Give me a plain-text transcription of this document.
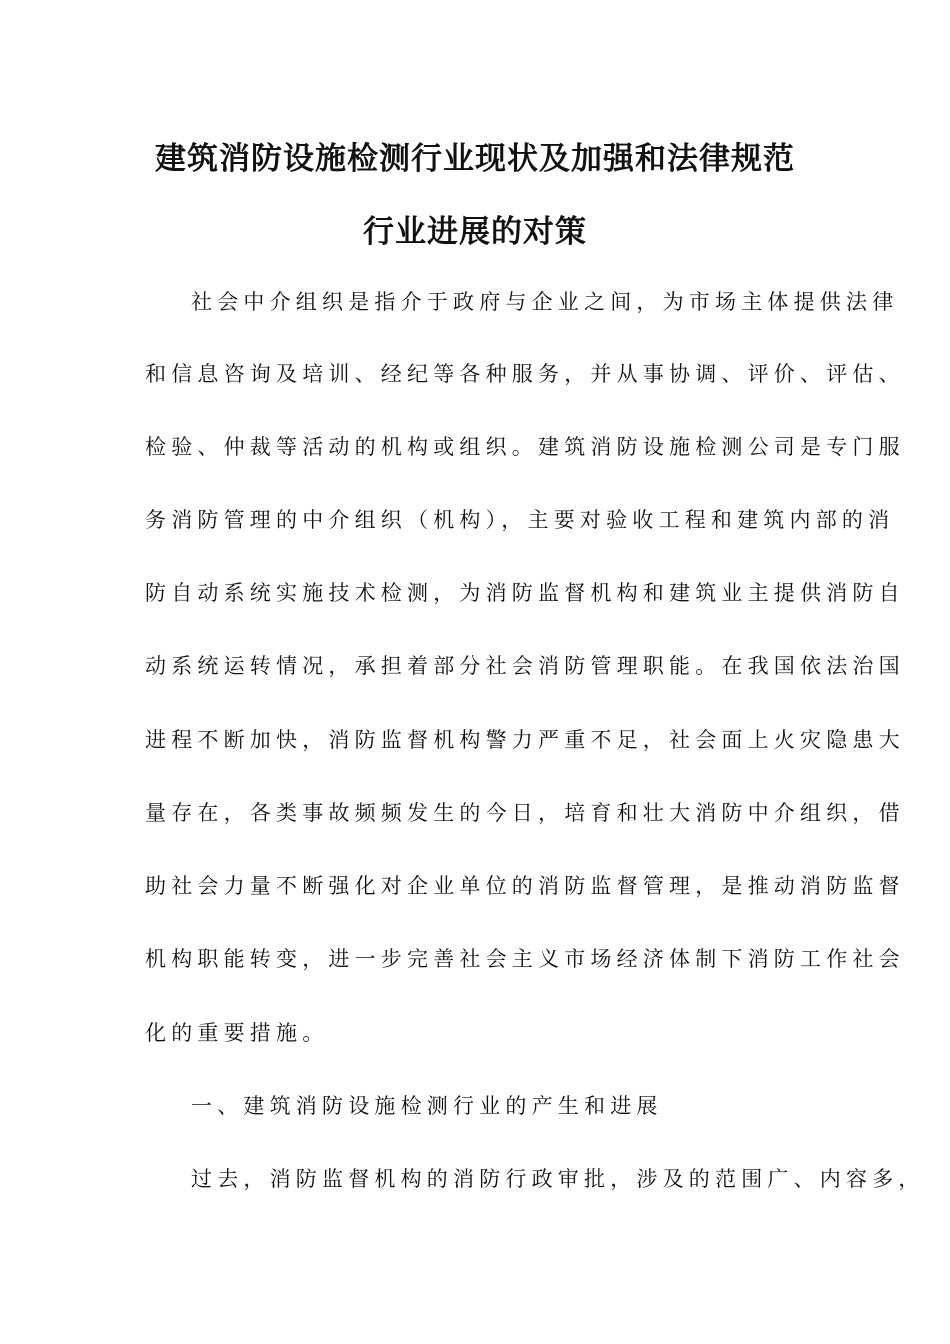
建筑消防设施检测行业现状及加强和法律规范
行业进展的对策
社会中介组织是指介于政府与企业之间，为市场主体提供法律
和信息咨询及培训、经纪等各种服务，并从事协调、评价、评估、
检验、仲裁等活动的机构或组织。建筑消防设施检测公司是专门服
务消防管理的中介组织（机构），主要对验收工程和建筑内部的消
防自动系统实施技术检测，为消防监督机构和建筑业主提供消防自
动系统运转情况，承担着部分社会消防管理职能。在我国依法治国
进程不断加快，消防监督机构警力严重不足，社会面上火灾隐患大
量存在，各类事故频频发生的今日，培育和壮大消防中介组织，借
助社会力量不断强化对企业单位的消防监督管理，是推动消防监督
机构职能转变，进一步完善社会主义市场经济体制下消防工作社会
化的重要措施。
一、建筑消防设施检测行业的产生和进展
过去，消防监督机构的消防行政审批，涉及的范围广、内容多，
